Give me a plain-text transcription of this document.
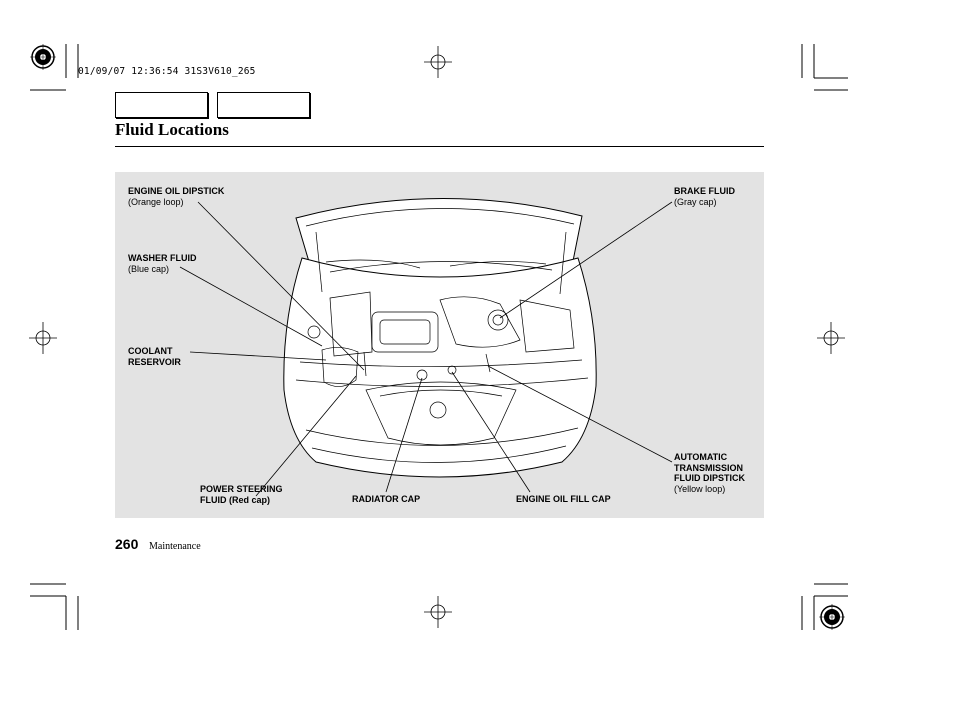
01/09/07 12:36:54 31S3V610_265
Fluid Locations
ENGINE OIL DIPSTICK
(Orange loop)
WASHER FLUID
(Blue cap)
COOLANT
RESERVOIR
POWER STEERING
FLUID (Red cap)	RADIATOR CAP	ENGINE OIL FILL CAP
BRAKE FLUID
(Gray cap)
AUTOMATIC
TRANSMISSION
FLUID DIPSTICK
(Yellow loop)
260 Maintenance
